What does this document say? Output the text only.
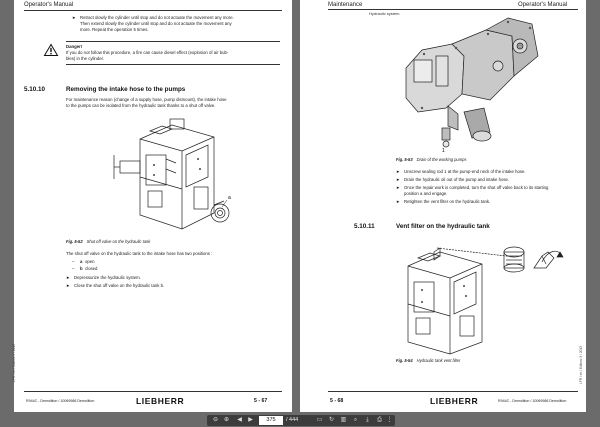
Operator's Manual
► Retract slowly the cylinder until stop and do not actuate the movement any more.
Then extend slowly the cylinder until stop and do not actuate the movement any
more. Repeat the operation 5 times.
Danger!
If you do not follow this procedure, a fire can cause diesel effect (explosion of air bub-
bles) in the cylinder.
5.10.10	Removing the intake hose to the pumps
For maintenance reason (change of a supply hose, pump dismount), the intake hose
to the pumps can be isolated from the hydraulic tank thanks to a shut off valve.
a
Fig. 5-52 Shut off valve on the hydraulic tank
The shut off valve on the hydraulic tank to the intake hose has two positions :
– a open
– b closed
► Depressurize the hydraulic system.
► Close the shut off valve on the hydraulic tank b.
LFR / en / Edition: 3 / 2013
R944C - Demolition / 10069986 Demolition	LIEBHERR	5 - 67
Maintenance	Operator's Manual
Hydraulic system
1
Fig. 5-53 Drain of the working pumps
► Unscrew sealing rod 1 at the pump-end neck of the intake hose.
► Drain the hydraulic oil out of the pump and intake hose.
► Once the repair work is completed, turn the shut off valve back to its starting
position a and engage.
► Retighten the vent filter on the hydraulic tank.
5.10.11	Vent filter on the hydraulic tank
Fig. 5-54 Hydraulic tank vent filter	LFR / en / Edition: 3 / 2013
5 - 68	LIEBHERR	R944C - Demolition / 10069986 Demolition
⊖ ⊕	◀	▶
375	/ 444	▭	↻	▥	⌕	⤓	⎙ ⋮
